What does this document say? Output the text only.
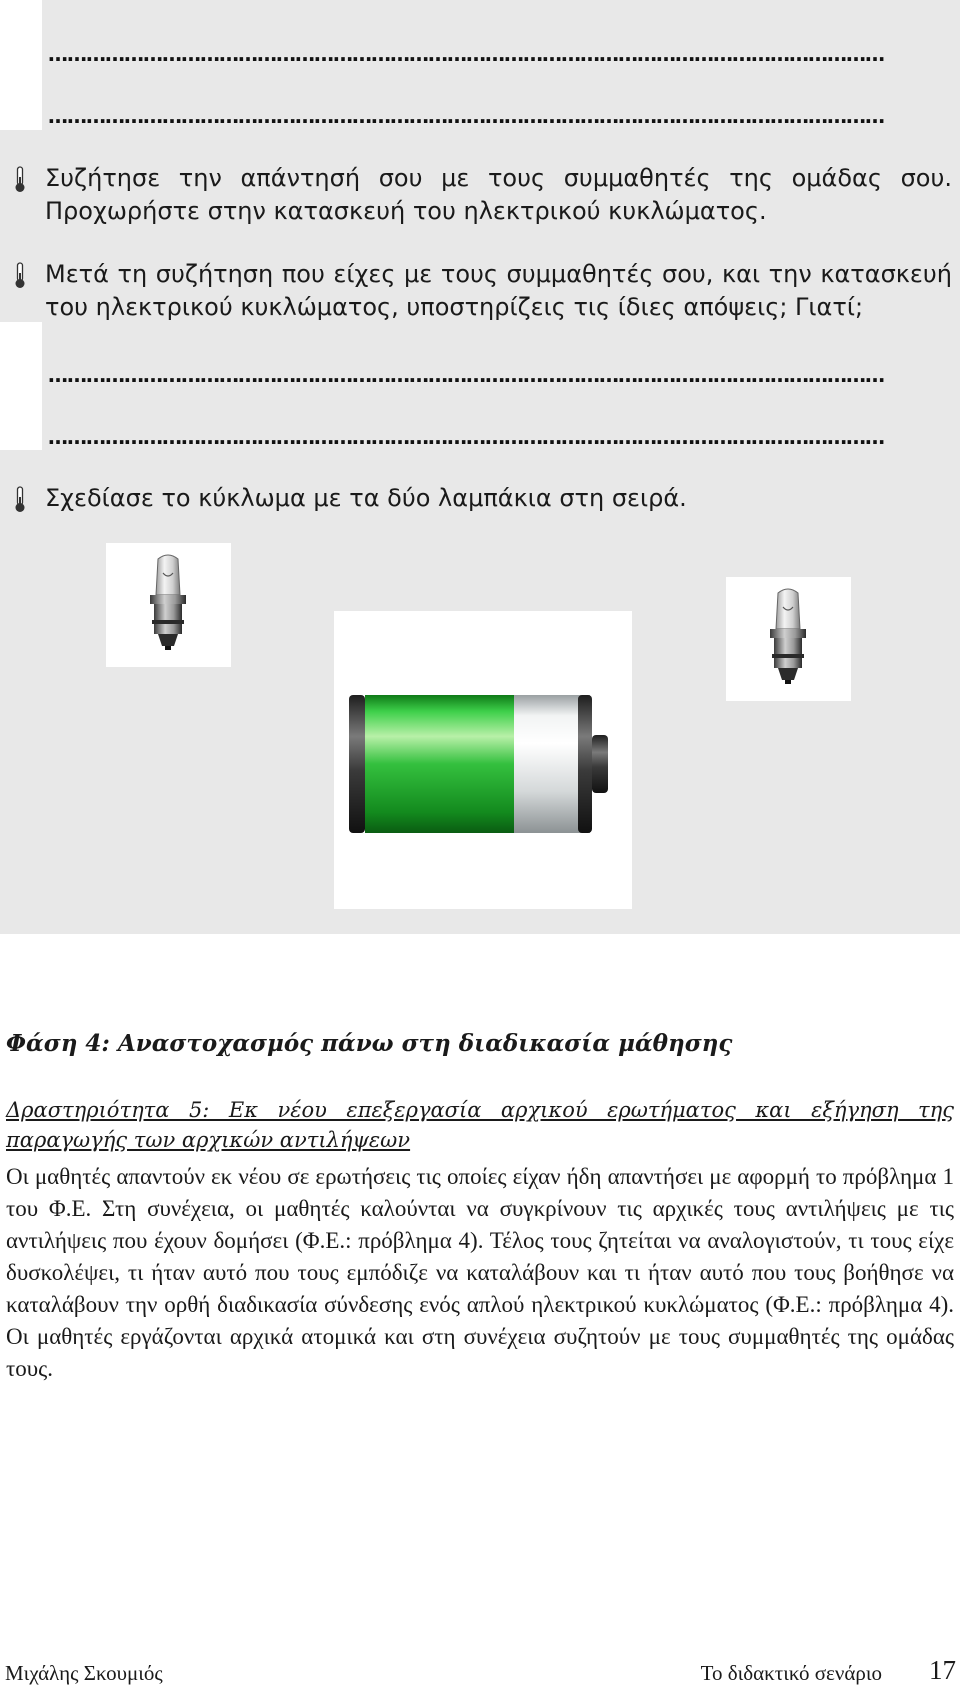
……………………………………………………………………………………………………………………
……………………………………………………………………………………………………………………
Συζήτησε την απάντησή σου με τους συμμαθητές της ομάδας σου. Προχωρήστε στην κατασκευή του ηλεκτρικού κυκλώματος.
Μετά τη συζήτηση που είχες με τους συμμαθητές σου, και την κατασκευή του ηλεκτρικού κυκλώματος, υποστηρίζεις τις ίδιες απόψεις; Γιατί;
……………………………………………………………………………………………………………………
……………………………………………………………………………………………………………………
Σχεδίασε το κύκλωμα με τα δύο λαμπάκια στη σειρά.
Φάση 4: Αναστοχασμός πάνω στη διαδικασία μάθησης
Δραστηριότητα 5: Εκ νέου επεξεργασία αρχικού ερωτήματος και εξήγηση της
παραγωγής των αρχικών αντιλήψεων
Οι μαθητές απαντούν εκ νέου σε ερωτήσεις τις οποίες είχαν ήδη απαντήσει με αφορμή το πρόβλημα 1 του Φ.Ε. Στη συνέχεια, οι μαθητές καλούνται να συγκρίνουν τις αρχικές τους αντιλήψεις με τις αντιλήψεις που έχουν δομήσει (Φ.Ε.: πρόβλημα 4). Τέλος τους ζητείται να αναλογιστούν, τι τους είχε δυσκολέψει, τι ήταν αυτό που τους εμπόδιζε να καταλάβουν και τι ήταν αυτό που τους βοήθησε να καταλάβουν την ορθή διαδικασία σύνδεσης ενός απλού ηλεκτρικού κυκλώματος (Φ.Ε.: πρόβλημα 4). Οι μαθητές εργάζονται αρχικά ατομικά και στη συνέχεια συζητούν με τους συμμαθητές της ομάδας τους.
Μιχάλης Σκουμιός	Το διδακτικό σενάριο 17
